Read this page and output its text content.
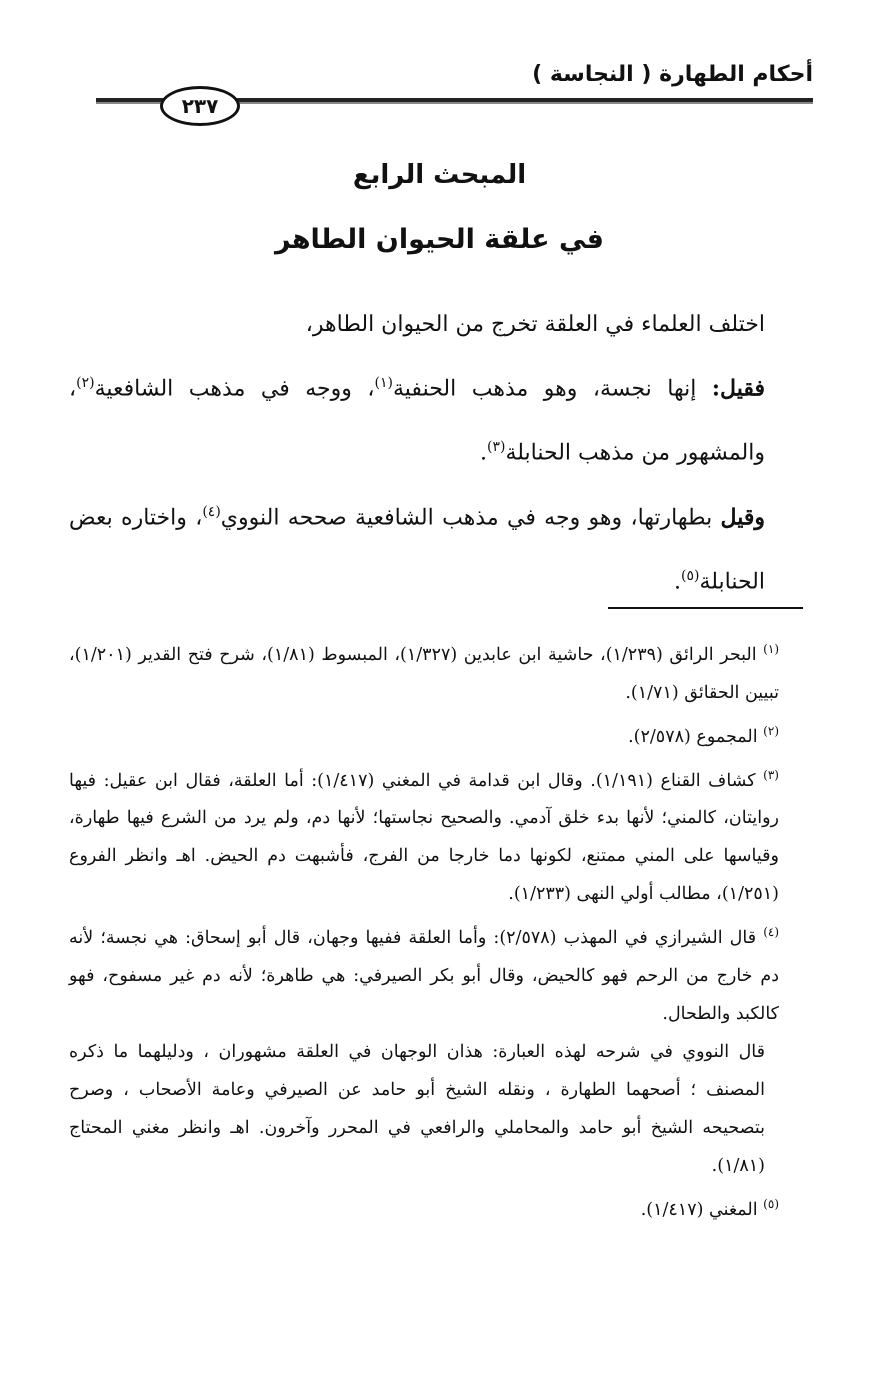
أحكام الطهارة ( النجاسة )
٢٣٧
المبحث الرابع
في علقة الحيوان الطاهر

اختلف العلماء في العلقة تخرج من الحيوان الطاهر،

فقيل: إنها نجسة، وهو مذهب الحنفية$^{(١)}$، ووجه في مذهب الشافعية$^{(٢)}$، والمشهور من مذهب الحنابلة$^{(٣)}$.

وقيل بطهارتها، وهو وجه في مذهب الشافعية صححه النووي$^{(٤)}$، واختاره بعض الحنابلة$^{(٥)}$.

$^{(١)}$ البحر الرائق (١/٢٣٩)، حاشية ابن عابدين (١/٣٢٧)، المبسوط (١/٨١)، شرح فتح القدير (١/٢٠١)، تبيين الحقائق (١/٧١).

$^{(٢)}$ المجموع (٢/٥٧٨).

$^{(٣)}$ كشاف القناع (١/١٩١). وقال ابن قدامة في المغني (١/٤١٧): أما العلقة، فقال ابن عقيل: فيها روايتان، كالمني؛ لأنها بدء خلق آدمي. والصحيح نجاستها؛ لأنها دم، ولم يرد من الشرع فيها طهارة، وقياسها على المني ممتنع، لكونها دما خارجا من الفرج، فأشبهت دم الحيض. اهـ وانظر الفروع (١/٢٥١)، مطالب أولي النهى (١/٢٣٣).

$^{(٤)}$ قال الشيرازي في المهذب (٢/٥٧٨): وأما العلقة ففيها وجهان، قال أبو إسحاق: هي نجسة؛ لأنه دم خارج من الرحم فهو كالحيض، وقال أبو بكر الصيرفي: هي طاهرة؛ لأنه دم غير مسفوح، فهو كالكبد والطحال.

قال النووي في شرحه لهذه العبارة: هذان الوجهان في العلقة مشهوران ، ودليلهما ما ذكره المصنف ؛ أصحهما الطهارة ، ونقله الشيخ أبو حامد عن الصيرفي وعامة الأصحاب ، وصرح بتصحيحه الشيخ أبو حامد والمحاملي والرافعي في المحرر وآخرون. اهـ وانظر مغني المحتاج (١/٨١).

$^{(٥)}$ المغني (١/٤١٧).
